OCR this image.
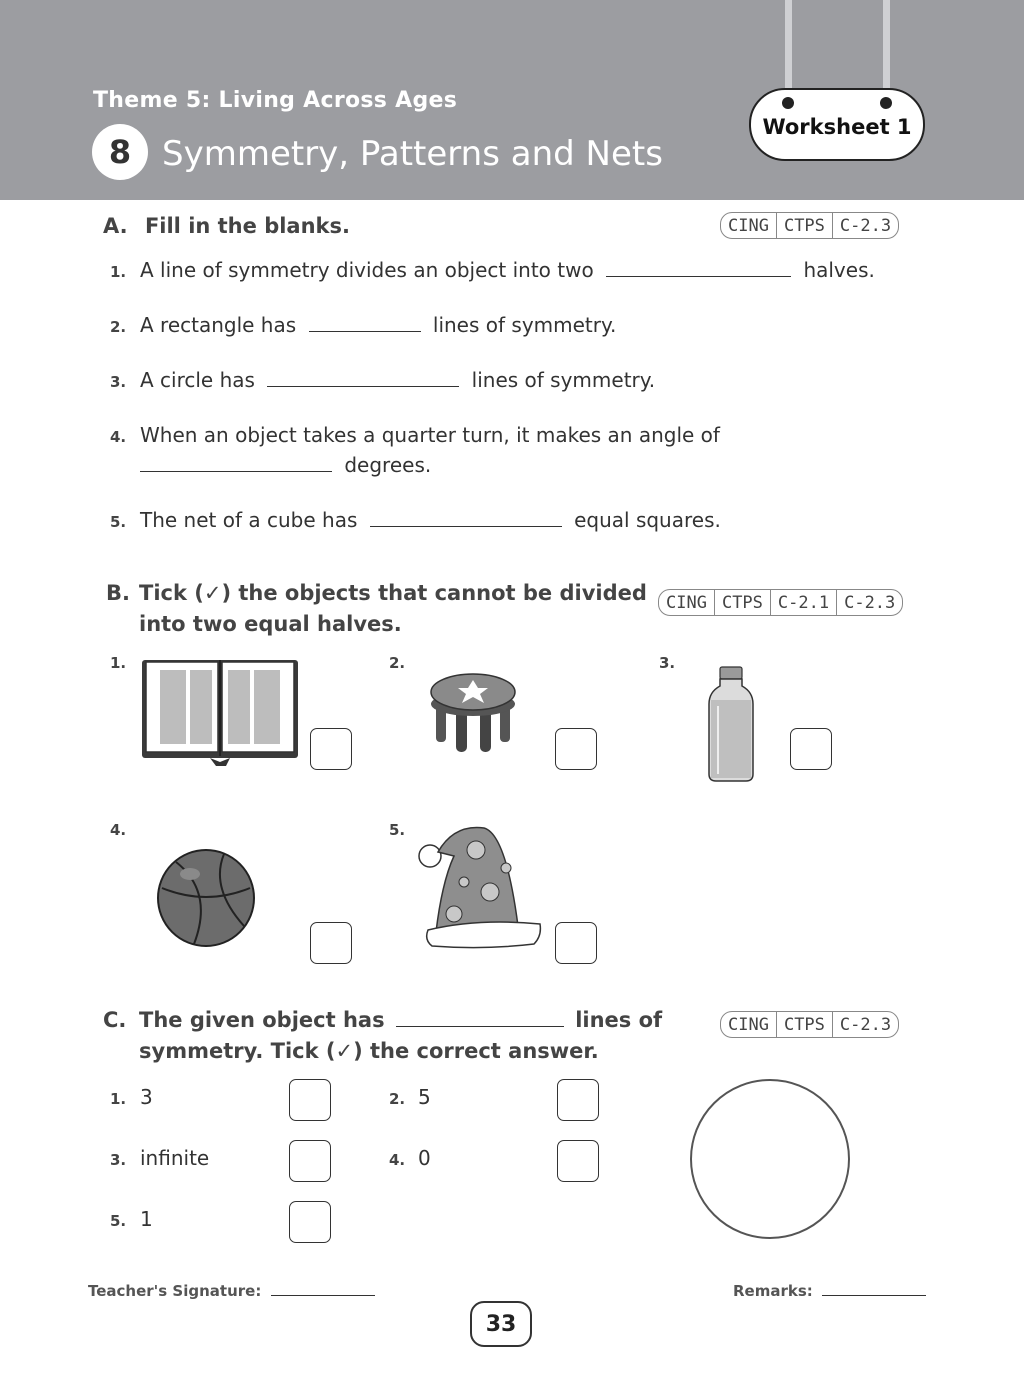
Theme 5: Living Across Ages
8 Symmetry, Patterns and Nets
Worksheet 1
A. Fill in the blanks.	CING CTPS C-2.3
1. A line of symmetry divides an object into two	halves.
2. A rectangle has	lines of symmetry.
3. A circle has	lines of symmetry.
4. When an object takes a quarter turn, it makes an angle of
degrees.
5. The net of a cube has	equal squares.
B. Tick (✓) the objects that cannot be divided
into two equal halves.
CING CTPS C-2.1 C-2.3
1.	2.	3.
4.	5.
C. The given object has	lines of
symmetry. Tick (✓) the correct answer.
CING CTPS C-2.3
1. 3	2. 5
3. infinite	4. 0
5. 1
Teacher's Signature:	Remarks:
33
